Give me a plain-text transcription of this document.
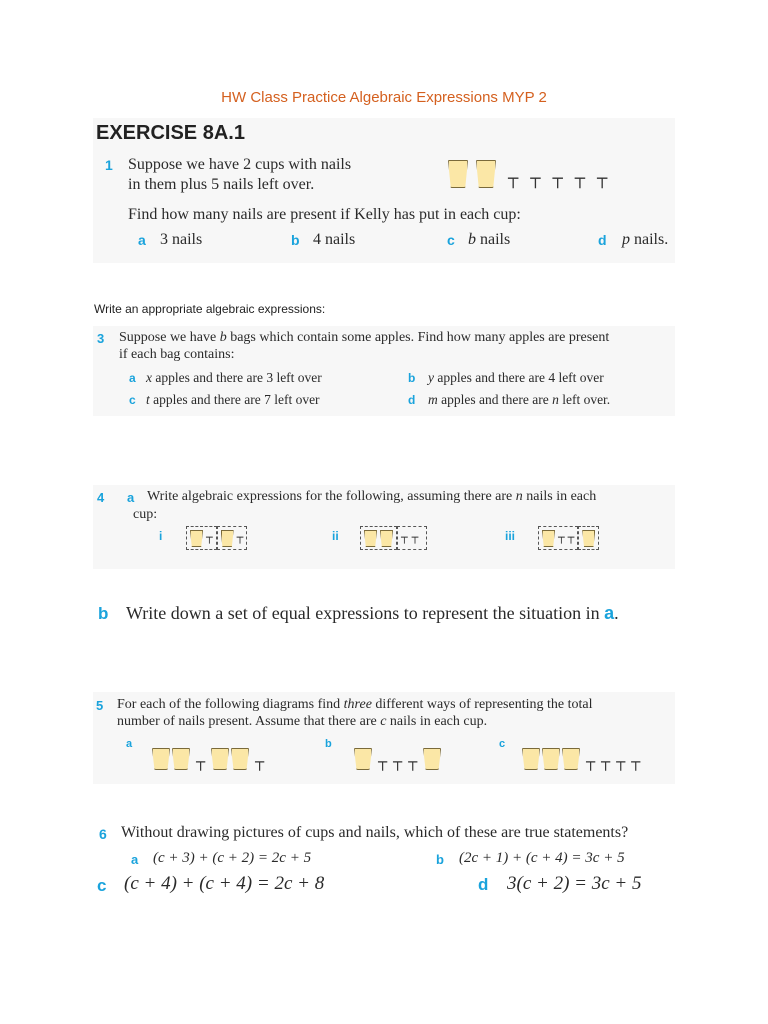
HW Class Practice Algebraic Expressions MYP 2
EXERCISE 8A.1
1 Suppose we have 2 cups with nails
in them plus 5 nails left over.	┬ ┬ ┬ ┬ ┬
Find how many nails are present if Kelly has put in each cup:
a 3 nails	b 4 nails	c b nails	d p nails.
Write an appropriate algebraic expressions:
3 Suppose we have b bags which contain some apples. Find how many apples are present
if each bag contains:
a x apples and there are 3 left over	b y apples and there are 4 left over
c t apples and there are 7 left over	d m apples and there are n left over.
4 a Write algebraic expressions for the following, assuming there are n nails in each
cup:
i	┬ ┬	ii	┬ ┬	iii	┬ ┬
b Write down a set of equal expressions to represent the situation in a.
5 For each of the following diagrams find three different ways of representing the total
number of nails present. Assume that there are c nails in each cup.
a
┬	┬
b
┬ ┬ ┬
c
┬ ┬ ┬ ┬
6 Without drawing pictures of cups and nails, which of these are true statements?
a (c + 3) + (c + 2) = 2c + 5	b (2c + 1) + (c + 4) = 3c + 5
c (c + 4) + (c + 4) = 2c + 8	d 3(c + 2) = 3c + 5
